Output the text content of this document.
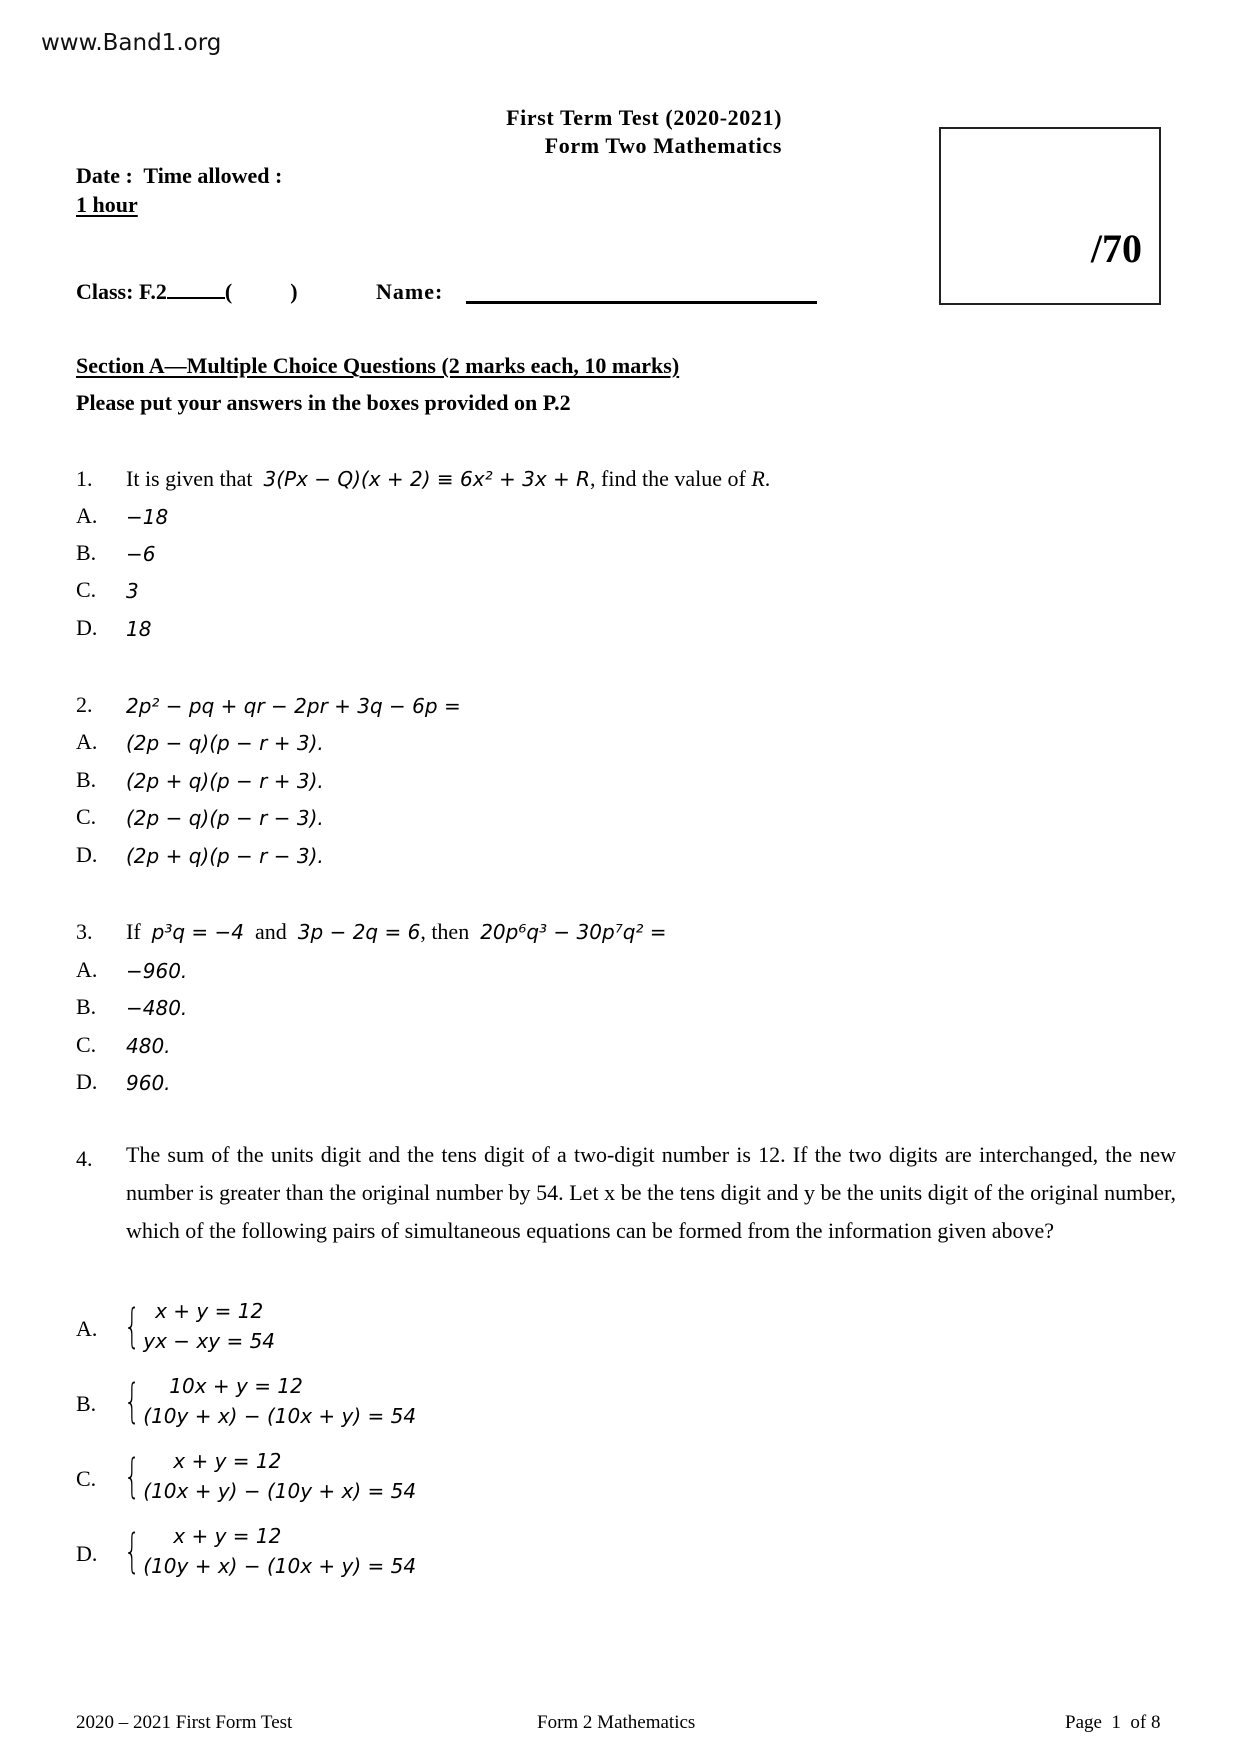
www.Band1.org
First Term Test (2020-2021)
Form Two Mathematics
Date : Time allowed :
1 hour
Class: F.2	(	)	Name:
/70
Section A—Multiple Choice Questions (2 marks each, 10 marks)
Please put your answers in the boxes provided on P.2
1. It is given that 3(Px − Q)(x + 2) ≡ 6x² + 3x + R, find the value of R.
A. −18
B. −6
C. 3
D. 18
2. 2p² − pq + qr − 2pr + 3q − 6p =
A. (2p − q)(p − r + 3).
B. (2p + q)(p − r + 3).
C. (2p − q)(p − r − 3).
D. (2p + q)(p − r − 3).
3. If p³q = −4 and 3p − 2q = 6, then 20p⁶q³ − 30p⁷q² =
A. −960.
B. −480.
C. 480.
D. 960.
4. The sum of the units digit and the tens digit of a two-digit number is 12. If the two digits are interchanged, the new number is greater than the original number by 54. Let x be the tens digit and y be the units digit of the original number, which of the following pairs of simultaneous equations can be formed from the information given above?
A. { x + y = 12
yx − xy = 54
B. {	10x + y = 12
(10y + x) − (10x + y) = 54
C. {	x + y = 12
(10x + y) − (10y + x) = 54
D. {	x + y = 12
(10y + x) − (10x + y) = 54
2020 – 2021 First Form Test	Form 2 Mathematics	Page  1  of 8
